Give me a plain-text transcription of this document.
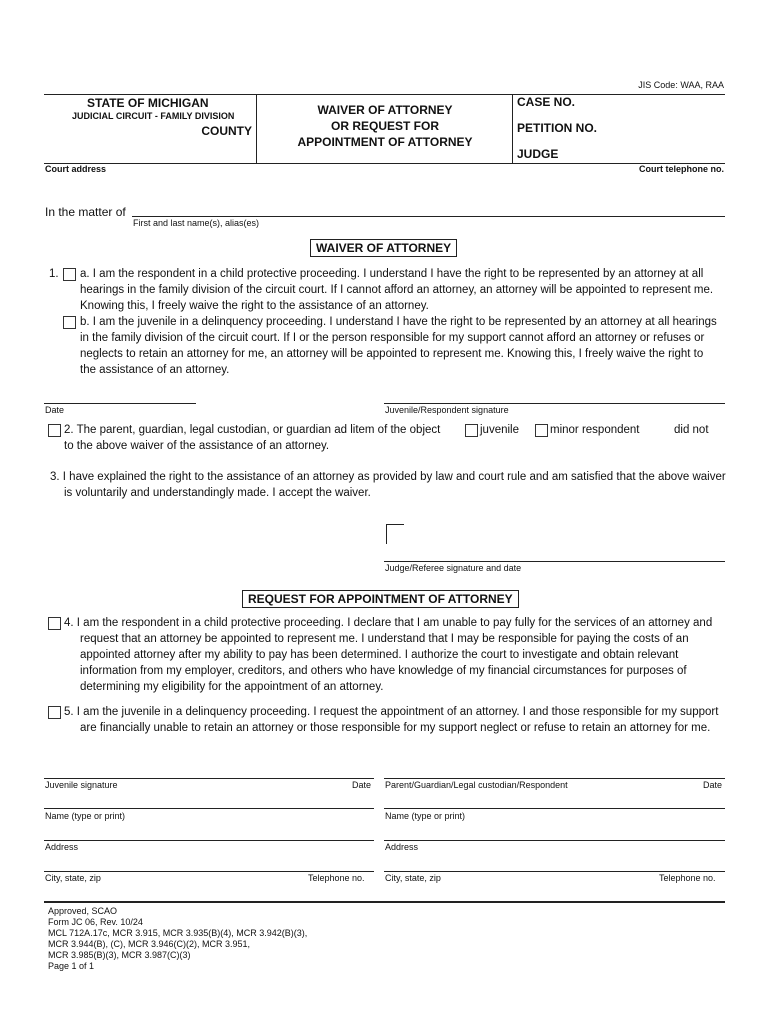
JIS Code: WAA, RAA
STATE OF MICHIGAN
JUDICIAL CIRCUIT - FAMILY DIVISION
COUNTY
WAIVER OF ATTORNEY
OR REQUEST FOR
APPOINTMENT OF ATTORNEY
CASE NO.
PETITION NO.
JUDGE
Court address	Court telephone no.
In the matter of
First and last name(s), alias(es)
WAIVER OF ATTORNEY
1. a. I am the respondent in a child protective proceeding. I understand I have the right to be represented by an attorney at all hearings in the family division of the circuit court. If I cannot afford an attorney, an attorney will be appointed to represent me. Knowing this, I freely waive the right to the assistance of an attorney.
b. I am the juvenile in a delinquency proceeding. I understand I have the right to be represented by an attorney at all hearings in the family division of the circuit court. If I or the person responsible for my support cannot afford an attorney or refuses or neglects to retain an attorney for me, an attorney will be appointed to represent me. Knowing this, I freely waive the right to the assistance of an attorney.
Date	Juvenile/Respondent signature
2. The parent, guardian, legal custodian, or guardian ad litem of the object to the above waiver of the assistance of an attorney.
juvenile	minor respondent	did not
3. I have explained the right to the assistance of an attorney as provided by law and court rule and am satisfied that the above waiver is voluntarily and understandingly made. I accept the waiver.
Judge/Referee signature and date
REQUEST FOR APPOINTMENT OF ATTORNEY
4. I am the respondent in a child protective proceeding. I declare that I am unable to pay fully for the services of an attorney and request that an attorney be appointed to represent me. I understand that I may be responsible for paying the costs of an appointed attorney after my ability to pay has been determined. I authorize the court to investigate and obtain relevant information from my employer, creditors, and others who have knowledge of my financial circumstances for purposes of determining my eligibility for the appointment of an attorney.
5. I am the juvenile in a delinquency proceeding. I request the appointment of an attorney. I and those responsible for my support are financially unable to retain an attorney or those responsible for my support neglect or refuse to retain an attorney for me.
Juvenile signature	Date Parent/Guardian/Legal custodian/Respondent	Date
Name (type or print)	Name (type or print)
Address	Address
City, state, zip	Telephone no. City, state, zip	Telephone no.
Approved, SCAO
Form JC 06, Rev. 10/24
MCL 712A.17c, MCR 3.915, MCR 3.935(B)(4), MCR 3.942(B)(3),
MCR 3.944(B), (C), MCR 3.946(C)(2), MCR 3.951,
MCR 3.985(B)(3), MCR 3.987(C)(3)
Page 1 of 1
